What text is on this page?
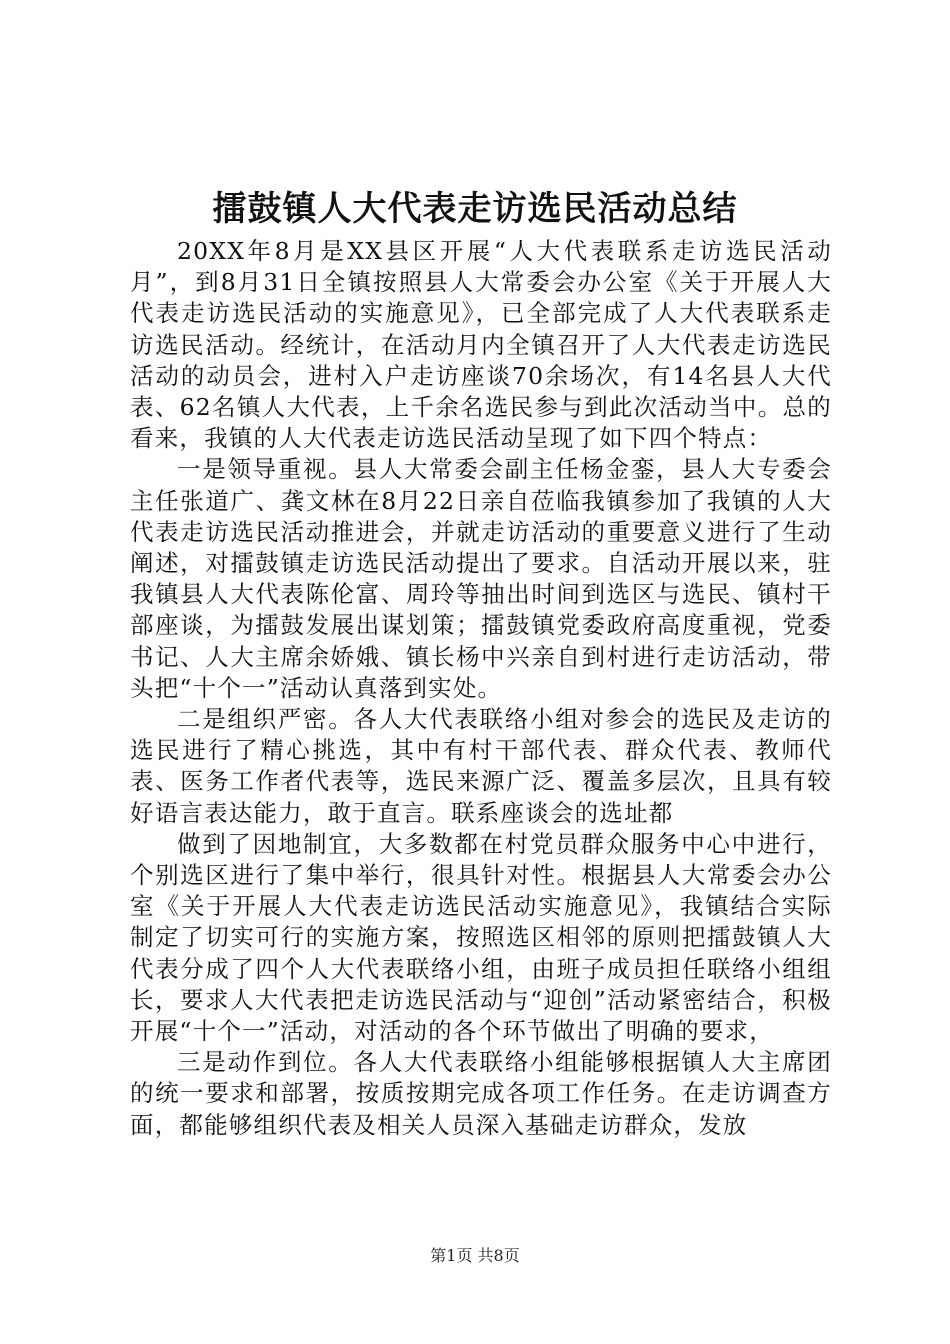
擂鼓镇人大代表走访选民活动总结

20XX年8月是XX县区开展“人大代表联系走访选民活动月”，到8月31日全镇按照县人大常委会办公室《关于开展人大代表走访选民活动的实施意见》，已全部完成了人大代表联系走访选民活动。经统计，在活动月内全镇召开了人大代表走访选民活动的动员会，进村入户走访座谈70余场次，有14名县人大代表、62名镇人大代表，上千余名选民参与到此次活动当中。总的看来，我镇的人大代表走访选民活动呈现了如下四个特点：

一是领导重视。县人大常委会副主任杨金銮，县人大专委会主任张道广、龚文林在8月22日亲自莅临我镇参加了我镇的人大代表走访选民活动推进会，并就走访活动的重要意义进行了生动阐述，对擂鼓镇走访选民活动提出了要求。自活动开展以来，驻我镇县人大代表陈伦富、周玲等抽出时间到选区与选民、镇村干部座谈，为擂鼓发展出谋划策；擂鼓镇党委政府高度重视，党委书记、人大主席余娇娥、镇长杨中兴亲自到村进行走访活动，带头把“十个一”活动认真落到实处。

二是组织严密。各人大代表联络小组对参会的选民及走访的选民进行了精心挑选，其中有村干部代表、群众代表、教师代表、医务工作者代表等，选民来源广泛、覆盖多层次，且具有较好语言表达能力，敢于直言。联系座谈会的选址都

做到了因地制宜，大多数都在村党员群众服务中心中进行，个别选区进行了集中举行，很具针对性。根据县人大常委会办公室《关于开展人大代表走访选民活动实施意见》，我镇结合实际制定了切实可行的实施方案，按照选区相邻的原则把擂鼓镇人大代表分成了四个人大代表联络小组，由班子成员担任联络小组组长，要求人大代表把走访选民活动与“迎创”活动紧密结合，积极开展“十个一”活动，对活动的各个环节做出了明确的要求，

三是动作到位。各人大代表联络小组能够根据镇人大主席团的统一要求和部署，按质按期完成各项工作任务。在走访调查方面，都能够组织代表及相关人员深入基础走访群众，发放

第1页 共8页
